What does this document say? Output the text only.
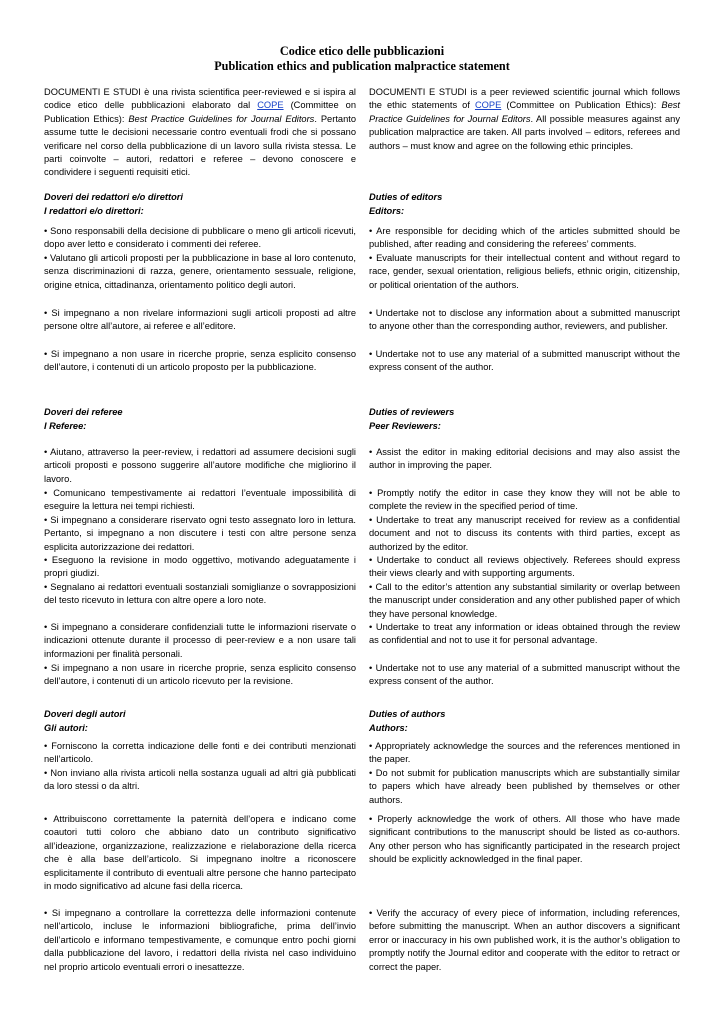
Codice etico delle pubblicazioni
Publication ethics and publication malpractice statement

DOCUMENTI E STUDI è una rivista scientifica peer-reviewed e si ispira al codice etico delle pubblicazioni elaborato dal COPE (Committee on Publication Ethics): Best Practice Guidelines for Journal Editors. Pertanto assume tutte le decisioni necessarie contro eventuali frodi che si possano verificare nel corso della pubblicazione di un lavoro sulla rivista stessa. Le parti coinvolte – autori, redattori e referee – devono conoscere e condividere i seguenti requisiti etici.

DOCUMENTI E STUDI is a peer reviewed scientific journal which follows the ethic statements of COPE (Committee on Publication Ethics): Best Practice Guidelines for Journal Editors. All possible measures against any publication malpractice are taken. All parts involved – editors, referees and authors – must know and agree on the following ethic principles.

Doveri dei redattori e/o direttori
I redattori e/o direttori:
Duties of editors
Editors:

• Sono responsabili della decisione di pubblicare o meno gli articoli ricevuti, dopo aver letto e considerato i commenti dei referee.

• Valutano gli articoli proposti per la pubblicazione in base al loro contenuto, senza discriminazioni di razza, genere, orientamento sessuale, religione, origine etnica, cittadinanza, orientamento politico degli autori.

• Si impegnano a non rivelare informazioni sugli articoli proposti ad altre persone oltre all’autore, ai referee e all’editore.

• Si impegnano a non usare in ricerche proprie, senza esplicito consenso dell’autore, i contenuti di un articolo proposto per la pubblicazione.

• Are responsible for deciding which of the articles submitted should be published, after reading and considering the referees’ comments.

• Evaluate manuscripts for their intellectual content and without regard to race, gender, sexual orientation, religious beliefs, ethnic origin, citizenship, or political orientation of the authors.

• Undertake not to disclose any information about a submitted manuscript to anyone other than the corresponding author, reviewers, and publisher.

• Undertake not to use any material of a submitted manuscript without the express consent of the author.

Doveri dei referee
I Referee:
Duties of reviewers
Peer Reviewers:

• Aiutano, attraverso la peer-review, i redattori ad assumere decisioni sugli articoli proposti e possono suggerire all’autore modifiche che migliorino il lavoro.

• Comunicano tempestivamente ai redattori l’eventuale impossibilità di eseguire la lettura nei tempi richiesti.

• Si impegnano a considerare riservato ogni testo assegnato loro in lettura. Pertanto, si impegnano a non discutere i testi con altre persone senza esplicita autorizzazione dei redattori.

• Eseguono la revisione in modo oggettivo, motivando adeguatamente i propri giudizi.

• Segnalano ai redattori eventuali sostanziali somiglianze o sovrapposizioni del testo ricevuto in lettura con altre opere a loro note.

• Si impegnano a considerare confidenziali tutte le informazioni riservate o indicazioni ottenute durante il processo di peer-review e a non usare tali informazioni per finalità personali.

• Si impegnano a non usare in ricerche proprie, senza esplicito consenso dell’autore, i contenuti di un articolo ricevuto per la revisione.

• Assist the editor in making editorial decisions and may also assist the author in improving the paper.

• Promptly notify the editor in case they know they will not be able to complete the review in the specified period of time.

• Undertake to treat any manuscript received for review as a confidential document and not to discuss its contents with third parties, except as authorized by the editor.

• Undertake to conduct all reviews objectively. Referees should express their views clearly and with supporting arguments.

• Call to the editor’s attention any substantial similarity or overlap between the manuscript under consideration and any other published paper of which they have personal knowledge.

• Undertake to treat any information or ideas obtained through the review as confidential and not to use it for personal advantage.

• Undertake not to use any material of a submitted manuscript without the express consent of the author.

Doveri degli autori
Gli autori:
Duties of authors
Authors:

• Forniscono la corretta indicazione delle fonti e dei contributi menzionati nell’articolo.

• Non inviano alla rivista articoli nella sostanza uguali ad altri già pubblicati da loro stessi o da altri.

• Attribuiscono correttamente la paternità dell’opera e indicano come coautori tutti coloro che abbiano dato un contributo significativo all’ideazione, organizzazione, realizzazione e rielaborazione della ricerca che è alla base dell’articolo. Si impegnano inoltre a riconoscere esplicitamente il contributo di eventuali altre persone che hanno partecipato in modo significativo ad alcune fasi della ricerca.

• Si impegnano a controllare la correttezza delle informazioni contenute nell’articolo, incluse le informazioni bibliografiche, prima dell’invio dell’articolo e informano tempestivamente, e comunque entro pochi giorni dalla pubblicazione del lavoro, i redattori della rivista nel caso individuino nel proprio articolo eventuali errori o inesattezze.

• Appropriately acknowledge the sources and the references mentioned in the paper.

• Do not submit for publication manuscripts which are substantially similar to papers which have already been published by themselves or other authors.

• Properly acknowledge the work of others. All those who have made significant contributions to the manuscript should be listed as co-authors. Any other person who has significantly participated in the research project should be explicitly acknowledged in the final paper.

• Verify the accuracy of every piece of information, including references, before submitting the manuscript. When an author discovers a significant error or inaccuracy in his own published work, it is the author’s obligation to promptly notify the Journal editor and cooperate with the editor to retract or correct the paper.
